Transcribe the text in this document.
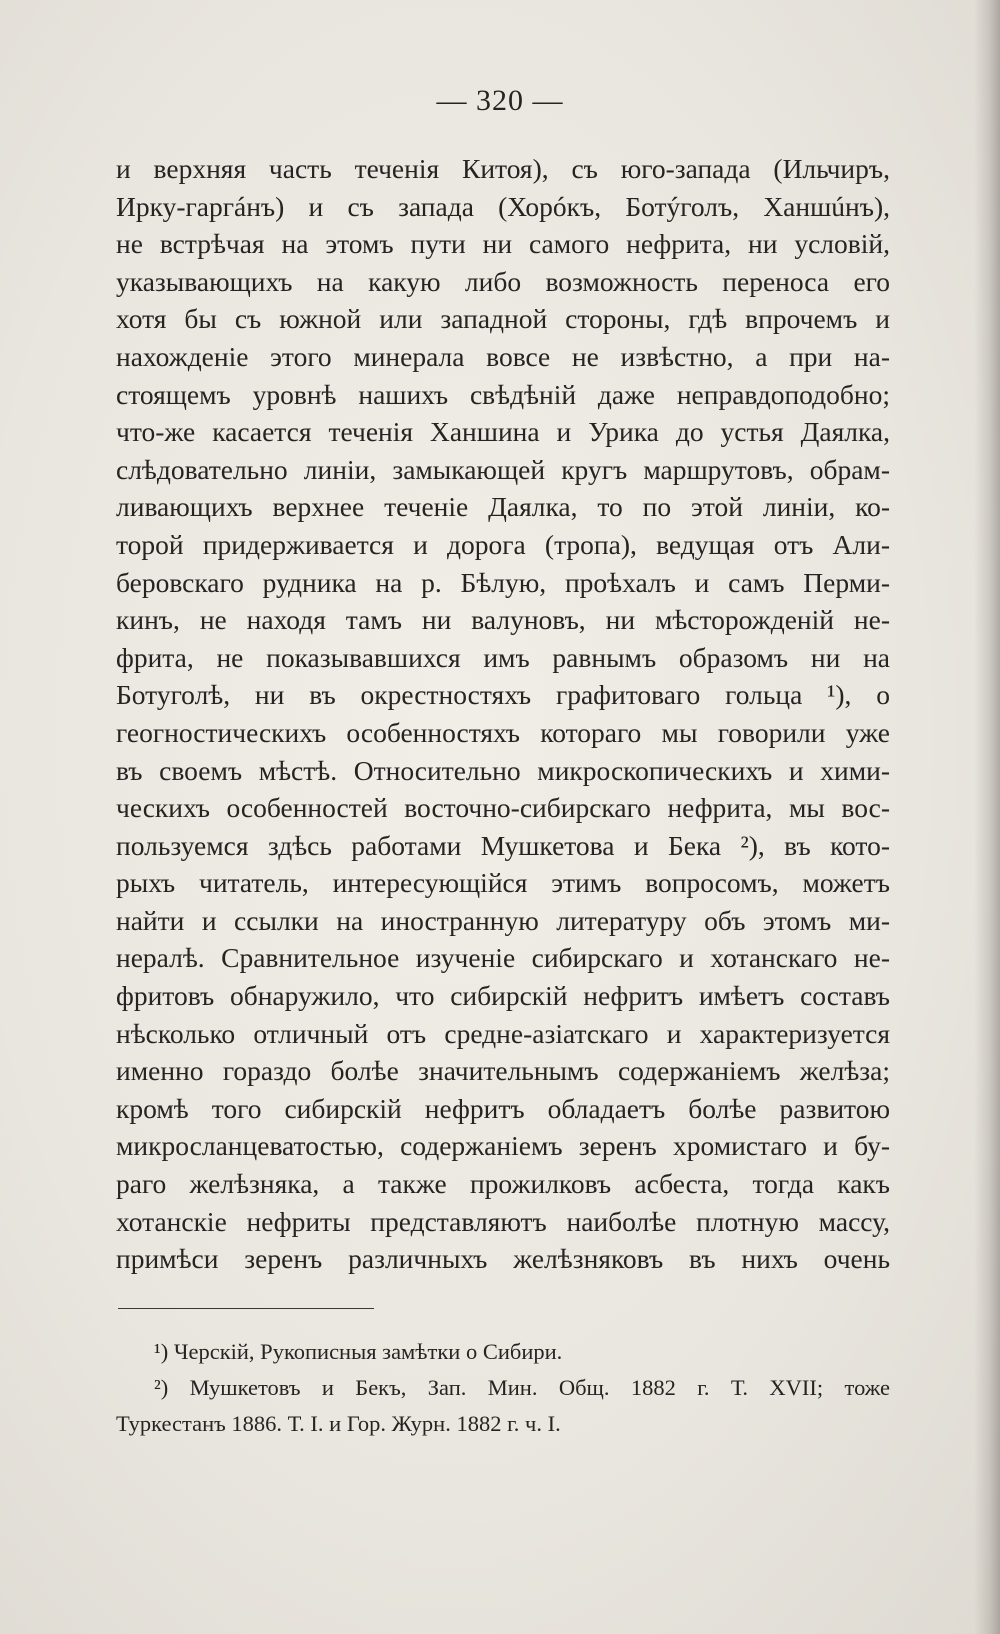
— 320 —
и верхняя часть теченія Китоя), съ юго-запада (Ильчиръ,
Ирку-гаргáнъ) и съ запада (Хорóкъ, Ботýголъ, Ханшúнъ),
не встрѣчая на этомъ пути ни самого нефрита, ни условій,
указывающихъ на какую либо возможность переноса его
хотя бы съ южной или западной стороны, гдѣ впрочемъ и
нахожденіе этого минерала вовсе не извѣстно, а при на-
стоящемъ уровнѣ нашихъ свѣдѣній даже неправдоподобно;
что-же касается теченія Ханшина и Урика до устья Даялка,
слѣдовательно линіи, замыкающей кругъ маршрутовъ, обрам-
ливающихъ верхнее теченіе Даялка, то по этой линіи, ко-
торой придерживается и дорога (тропа), ведущая отъ Али-
беровскаго рудника на р. Бѣлую, проѣхалъ и самъ Перми-
кинъ, не находя тамъ ни валуновъ, ни мѣсторожденій не-
фрита, не показывавшихся имъ равнымъ образомъ ни на
Ботуголѣ, ни въ окрестностяхъ графитоваго гольца ¹), о
геогностическихъ особенностяхъ котораго мы говорили уже
въ своемъ мѣстѣ. Относительно микроскопическихъ и хими-
ческихъ особенностей восточно-сибирскаго нефрита, мы вос-
пользуемся здѣсь работами Мушкетова и Бека ²), въ кото-
рыхъ читатель, интересующійся этимъ вопросомъ, можетъ
найти и ссылки на иностранную литературу объ этомъ ми-
нералѣ. Сравнительное изученіе сибирскаго и хотанскаго не-
фритовъ обнаружило, что сибирскій нефритъ имѣетъ составъ
нѣсколько отличный отъ средне-азіатскаго и характеризуется
именно гораздо болѣе значительнымъ содержаніемъ желѣза;
кромѣ того сибирскій нефритъ обладаетъ болѣе развитою
микросланцеватостью, содержаніемъ зеренъ хромистаго и бу-
раго желѣзняка, а также прожилковъ асбеста, тогда какъ
хотанскіе нефриты представляютъ наиболѣе плотную массу,
примѣси зеренъ различныхъ желѣзняковъ въ нихъ очень
¹) Черскій, Рукописныя замѣтки о Сибири.
²) Мушкетовъ и Бекъ, Зап. Мин. Общ. 1882 г. Т. XVII; тоже
Туркестанъ 1886. Т. I. и Гор. Журн. 1882 г. ч. I.
